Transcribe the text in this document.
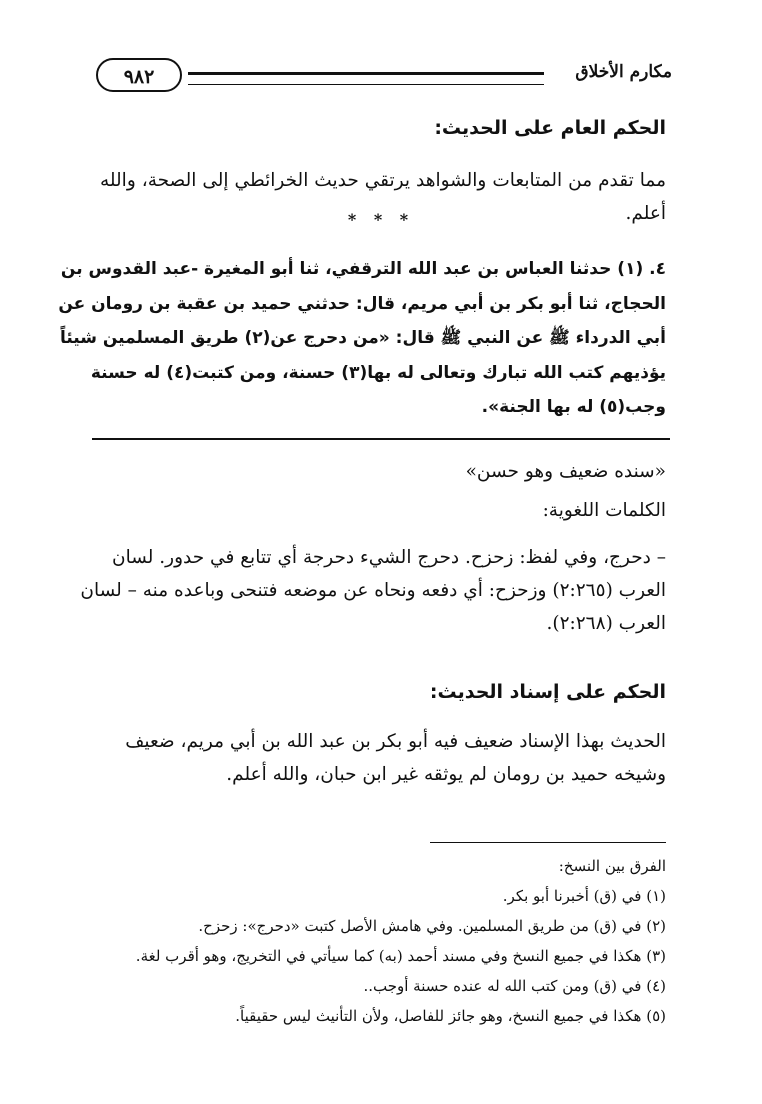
مكارم الأخلاق
٩٨٢
الحكم العام على الحديث:
مما تقدم من المتابعات والشواهد يرتقي حديث الخرائطي إلى الصحة، والله أعلم.
* * *
٤. (١) حدثنا العباس بن عبد الله الترقفي، ثنا أبو المغيرة -عبد القدوس بن
الحجاج، ثنا أبو بكر بن أبي مريم، قال: حدثني حميد بن عقبة بن رومان عن
أبي الدرداء ﷺ عن النبي ﷺ قال: «من دحرج عن(٢) طريق المسلمين شيئاً
يؤذيهم كتب الله تبارك وتعالى له بها(٣) حسنة، ومن كتبت(٤) له حسنة
وجب(٥) له بها الجنة».
«سنده ضعيف وهو حسن»
الكلمات اللغوية:
– دحرج، وفي لفظ: زحزح. دحرج الشيء دحرجة أي تتابع في حدور. لسان
العرب (٢:٢٦٥) وزحزح: أي دفعه ونحاه عن موضعه فتنحى وباعده منه – لسان
العرب (٢:٢٦٨).
الحكم على إسناد الحديث:
الحديث بهذا الإسناد ضعيف فيه أبو بكر بن عبد الله بن أبي مريم، ضعيف
وشيخه حميد بن رومان لم يوثقه غير ابن حبان، والله أعلم.
الفرق بين النسخ:
(١) في (ق) أخبرنا أبو بكر.
(٢) في (ق) من طريق المسلمين. وفي هامش الأصل كتبت «دحرج»: زحزح.
(٣) هكذا في جميع النسخ وفي مسند أحمد (به) كما سيأتي في التخريج، وهو أقرب لغة.
(٤) في (ق) ومن كتب الله له عنده حسنة أوجب..
(٥) هكذا في جميع النسخ، وهو جائز للفاصل، ولأن التأنيث ليس حقيقياً.
